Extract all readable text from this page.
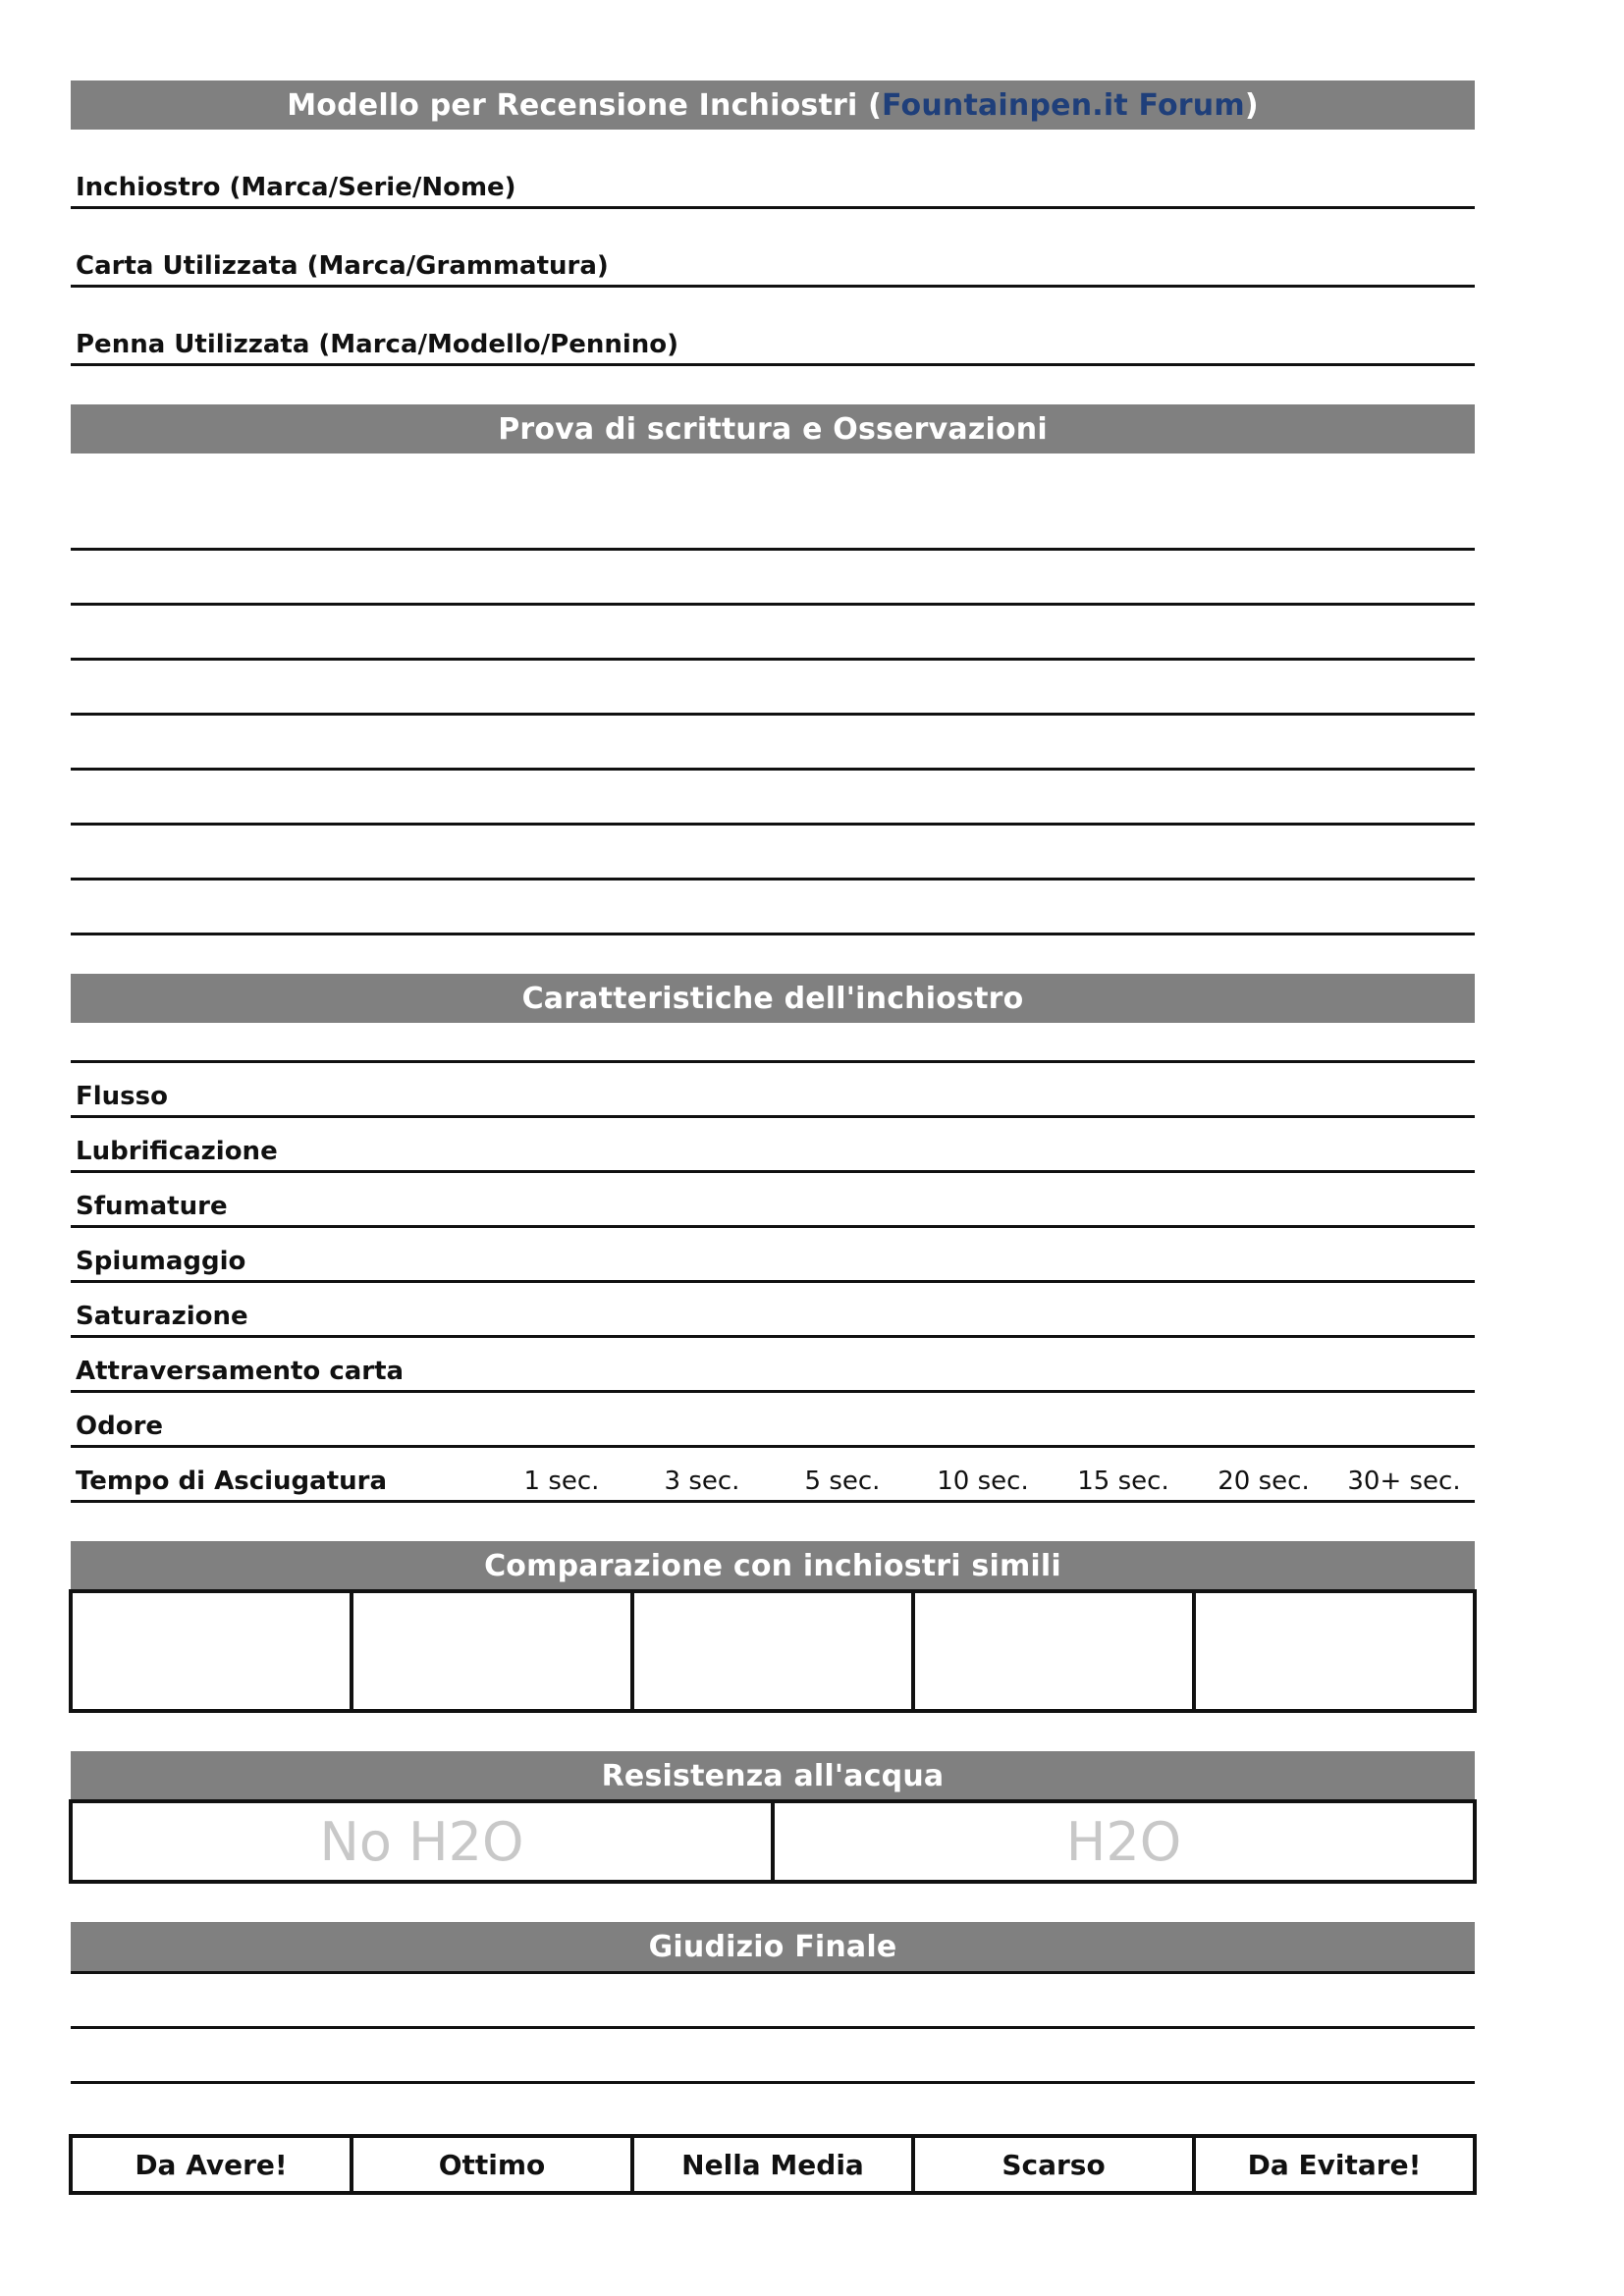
Modello per Recensione Inchiostri ( Fountainpen.it Forum )
Inchiostro (Marca/Serie/Nome)
Carta Utilizzata (Marca/Grammatura)
Penna Utilizzata (Marca/Modello/Pennino)
Prova di scrittura e Osservazioni
Caratteristiche dell'inchiostro
Flusso
Lubrificazione
Sfumature
Spiumaggio
Saturazione
Attraversamento carta
Odore
Tempo di Asciugatura	1 sec.	3 sec.	5 sec.	10 sec.	15 sec.	20 sec.	30+ sec.
Comparazione con inchiostri simili

Resistenza all'acqua
No H2O	H2O
Giudizio Finale
Da Avere!	Ottimo	Nella Media	Scarso	Da Evitare!
